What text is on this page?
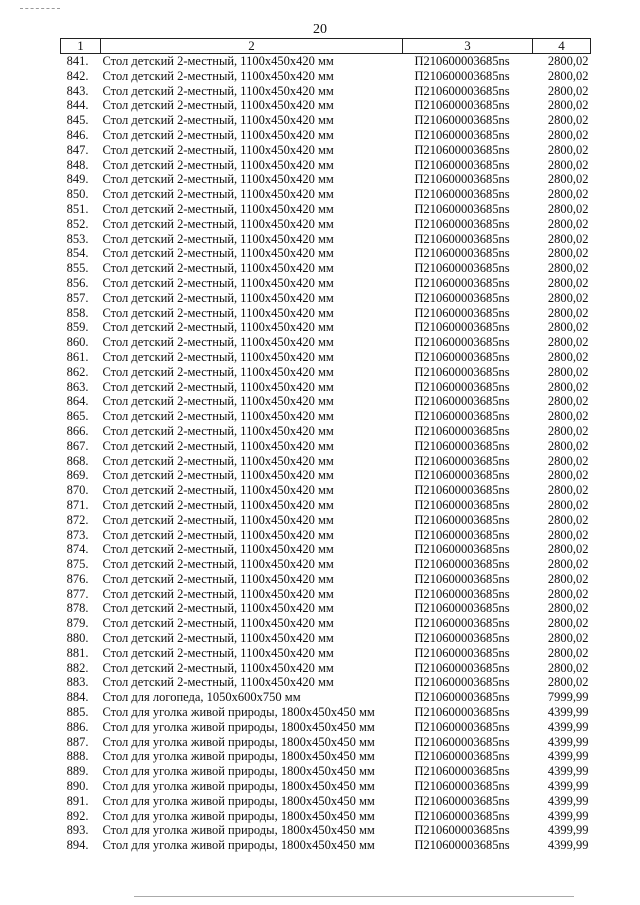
20
1	2	3	4
841.	Стол детский 2-местный, 1100x450x420 мм	П210600003685ns	2800,02
842.	Стол детский 2-местный, 1100x450x420 мм	П210600003685ns	2800,02
843.	Стол детский 2-местный, 1100x450x420 мм	П210600003685ns	2800,02
844.	Стол детский 2-местный, 1100x450x420 мм	П210600003685ns	2800,02
845.	Стол детский 2-местный, 1100x450x420 мм	П210600003685ns	2800,02
846.	Стол детский 2-местный, 1100x450x420 мм	П210600003685ns	2800,02
847.	Стол детский 2-местный, 1100x450x420 мм	П210600003685ns	2800,02
848.	Стол детский 2-местный, 1100x450x420 мм	П210600003685ns	2800,02
849.	Стол детский 2-местный, 1100x450x420 мм	П210600003685ns	2800,02
850.	Стол детский 2-местный, 1100x450x420 мм	П210600003685ns	2800,02
851.	Стол детский 2-местный, 1100x450x420 мм	П210600003685ns	2800,02
852.	Стол детский 2-местный, 1100x450x420 мм	П210600003685ns	2800,02
853.	Стол детский 2-местный, 1100x450x420 мм	П210600003685ns	2800,02
854.	Стол детский 2-местный, 1100x450x420 мм	П210600003685ns	2800,02
855.	Стол детский 2-местный, 1100x450x420 мм	П210600003685ns	2800,02
856.	Стол детский 2-местный, 1100x450x420 мм	П210600003685ns	2800,02
857.	Стол детский 2-местный, 1100x450x420 мм	П210600003685ns	2800,02
858.	Стол детский 2-местный, 1100x450x420 мм	П210600003685ns	2800,02
859.	Стол детский 2-местный, 1100x450x420 мм	П210600003685ns	2800,02
860.	Стол детский 2-местный, 1100x450x420 мм	П210600003685ns	2800,02
861.	Стол детский 2-местный, 1100x450x420 мм	П210600003685ns	2800,02
862.	Стол детский 2-местный, 1100x450x420 мм	П210600003685ns	2800,02
863.	Стол детский 2-местный, 1100x450x420 мм	П210600003685ns	2800,02
864.	Стол детский 2-местный, 1100x450x420 мм	П210600003685ns	2800,02
865.	Стол детский 2-местный, 1100x450x420 мм	П210600003685ns	2800,02
866.	Стол детский 2-местный, 1100x450x420 мм	П210600003685ns	2800,02
867.	Стол детский 2-местный, 1100x450x420 мм	П210600003685ns	2800,02
868.	Стол детский 2-местный, 1100x450x420 мм	П210600003685ns	2800,02
869.	Стол детский 2-местный, 1100x450x420 мм	П210600003685ns	2800,02
870.	Стол детский 2-местный, 1100x450x420 мм	П210600003685ns	2800,02
871.	Стол детский 2-местный, 1100x450x420 мм	П210600003685ns	2800,02
872.	Стол детский 2-местный, 1100x450x420 мм	П210600003685ns	2800,02
873.	Стол детский 2-местный, 1100x450x420 мм	П210600003685ns	2800,02
874.	Стол детский 2-местный, 1100x450x420 мм	П210600003685ns	2800,02
875.	Стол детский 2-местный, 1100x450x420 мм	П210600003685ns	2800,02
876.	Стол детский 2-местный, 1100x450x420 мм	П210600003685ns	2800,02
877.	Стол детский 2-местный, 1100x450x420 мм	П210600003685ns	2800,02
878.	Стол детский 2-местный, 1100x450x420 мм	П210600003685ns	2800,02
879.	Стол детский 2-местный, 1100x450x420 мм	П210600003685ns	2800,02
880.	Стол детский 2-местный, 1100x450x420 мм	П210600003685ns	2800,02
881.	Стол детский 2-местный, 1100x450x420 мм	П210600003685ns	2800,02
882.	Стол детский 2-местный, 1100x450x420 мм	П210600003685ns	2800,02
883.	Стол детский 2-местный, 1100x450x420 мм	П210600003685ns	2800,02
884.	Стол для логопеда, 1050x600x750 мм	П210600003685ns	7999,99
885.	Стол для уголка живой природы, 1800x450x450 мм	П210600003685ns	4399,99
886.	Стол для уголка живой природы, 1800x450x450 мм	П210600003685ns	4399,99
887.	Стол для уголка живой природы, 1800x450x450 мм	П210600003685ns	4399,99
888.	Стол для уголка живой природы, 1800x450x450 мм	П210600003685ns	4399,99
889.	Стол для уголка живой природы, 1800x450x450 мм	П210600003685ns	4399,99
890.	Стол для уголка живой природы, 1800x450x450 мм	П210600003685ns	4399,99
891.	Стол для уголка живой природы, 1800x450x450 мм	П210600003685ns	4399,99
892.	Стол для уголка живой природы, 1800x450x450 мм	П210600003685ns	4399,99
893.	Стол для уголка живой природы, 1800x450x450 мм	П210600003685ns	4399,99
894.	Стол для уголка живой природы, 1800x450x450 мм	П210600003685ns	4399,99
